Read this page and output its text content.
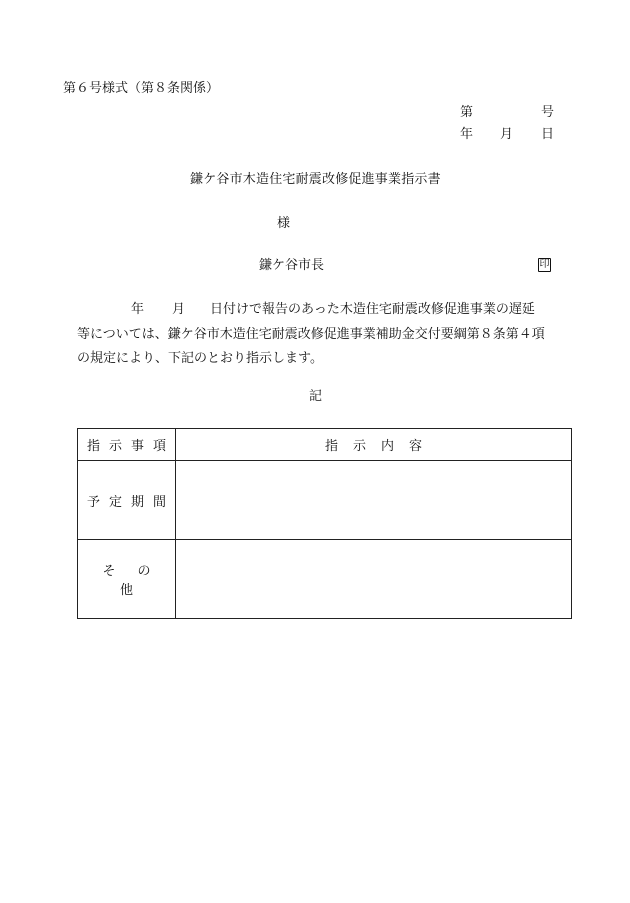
第６号様式（第８条関係）
第	号
年 月 日
鎌ケ谷市木造住宅耐震改修促進事業指示書
様
鎌ケ谷市長	印
年 月 日付けで報告のあった木造住宅耐震改修促進事業の遅延
等については、鎌ケ谷市木造住宅耐震改修促進事業補助金交付要綱第８条第４項
の規定により、下記のとおり指示します。
記
指示事項	指示内容
予定期間	
その他	
